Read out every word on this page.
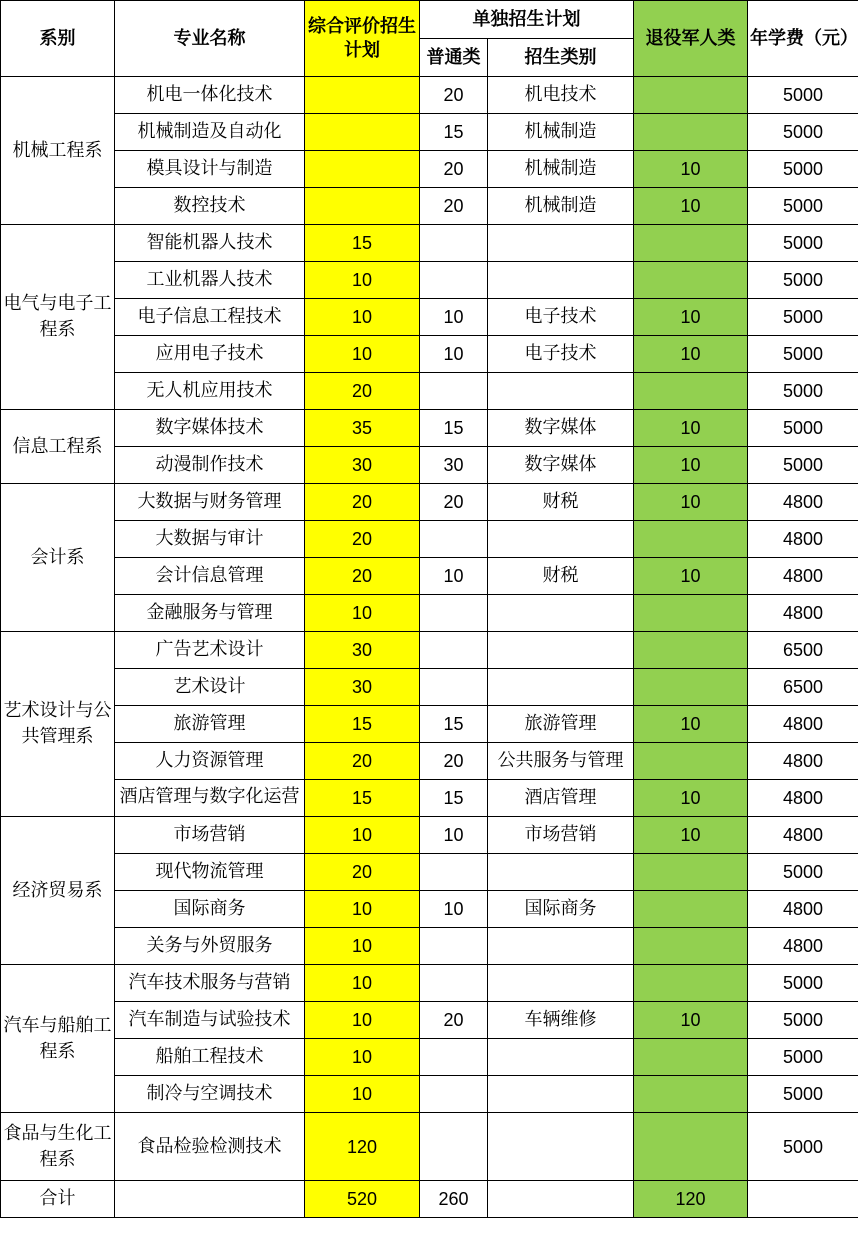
系别	专业名称	综合评价招生计划	单独招生计划		退役军人类	年学费（元）
			普通类	招生类别		
机械工程系	机电一体化技术		20	机电技术		5000
	机械制造及自动化		15	机械制造		5000
	模具设计与制造		20	机械制造	10	5000
	数控技术		20	机械制造	10	5000
电气与电子工程系	智能机器人技术	15				5000
	工业机器人技术	10				5000
	电子信息工程技术	10	10	电子技术	10	5000
	应用电子技术	10	10	电子技术	10	5000
	无人机应用技术	20				5000
信息工程系	数字媒体技术	35	15	数字媒体	10	5000
	动漫制作技术	30	30	数字媒体	10	5000
会计系	大数据与财务管理	20	20	财税	10	4800
	大数据与审计	20				4800
	会计信息管理	20	10	财税	10	4800
	金融服务与管理	10				4800
艺术设计与公共管理系	广告艺术设计	30				6500
	艺术设计	30				6500
	旅游管理	15	15	旅游管理	10	4800
	人力资源管理	20	20	公共服务与管理		4800
	酒店管理与数字化运营	15	15	酒店管理	10	4800
经济贸易系	市场营销	10	10	市场营销	10	4800
	现代物流管理	20				5000
	国际商务	10	10	国际商务		4800
	关务与外贸服务	10				4800
汽车与船舶工程系	汽车技术服务与营销	10				5000
	汽车制造与试验技术	10	20	车辆维修	10	5000
	船舶工程技术	10				5000
	制冷与空调技术	10				5000
食品与生化工程系	食品检验检测技术	120				5000
合计		520	260		120	
